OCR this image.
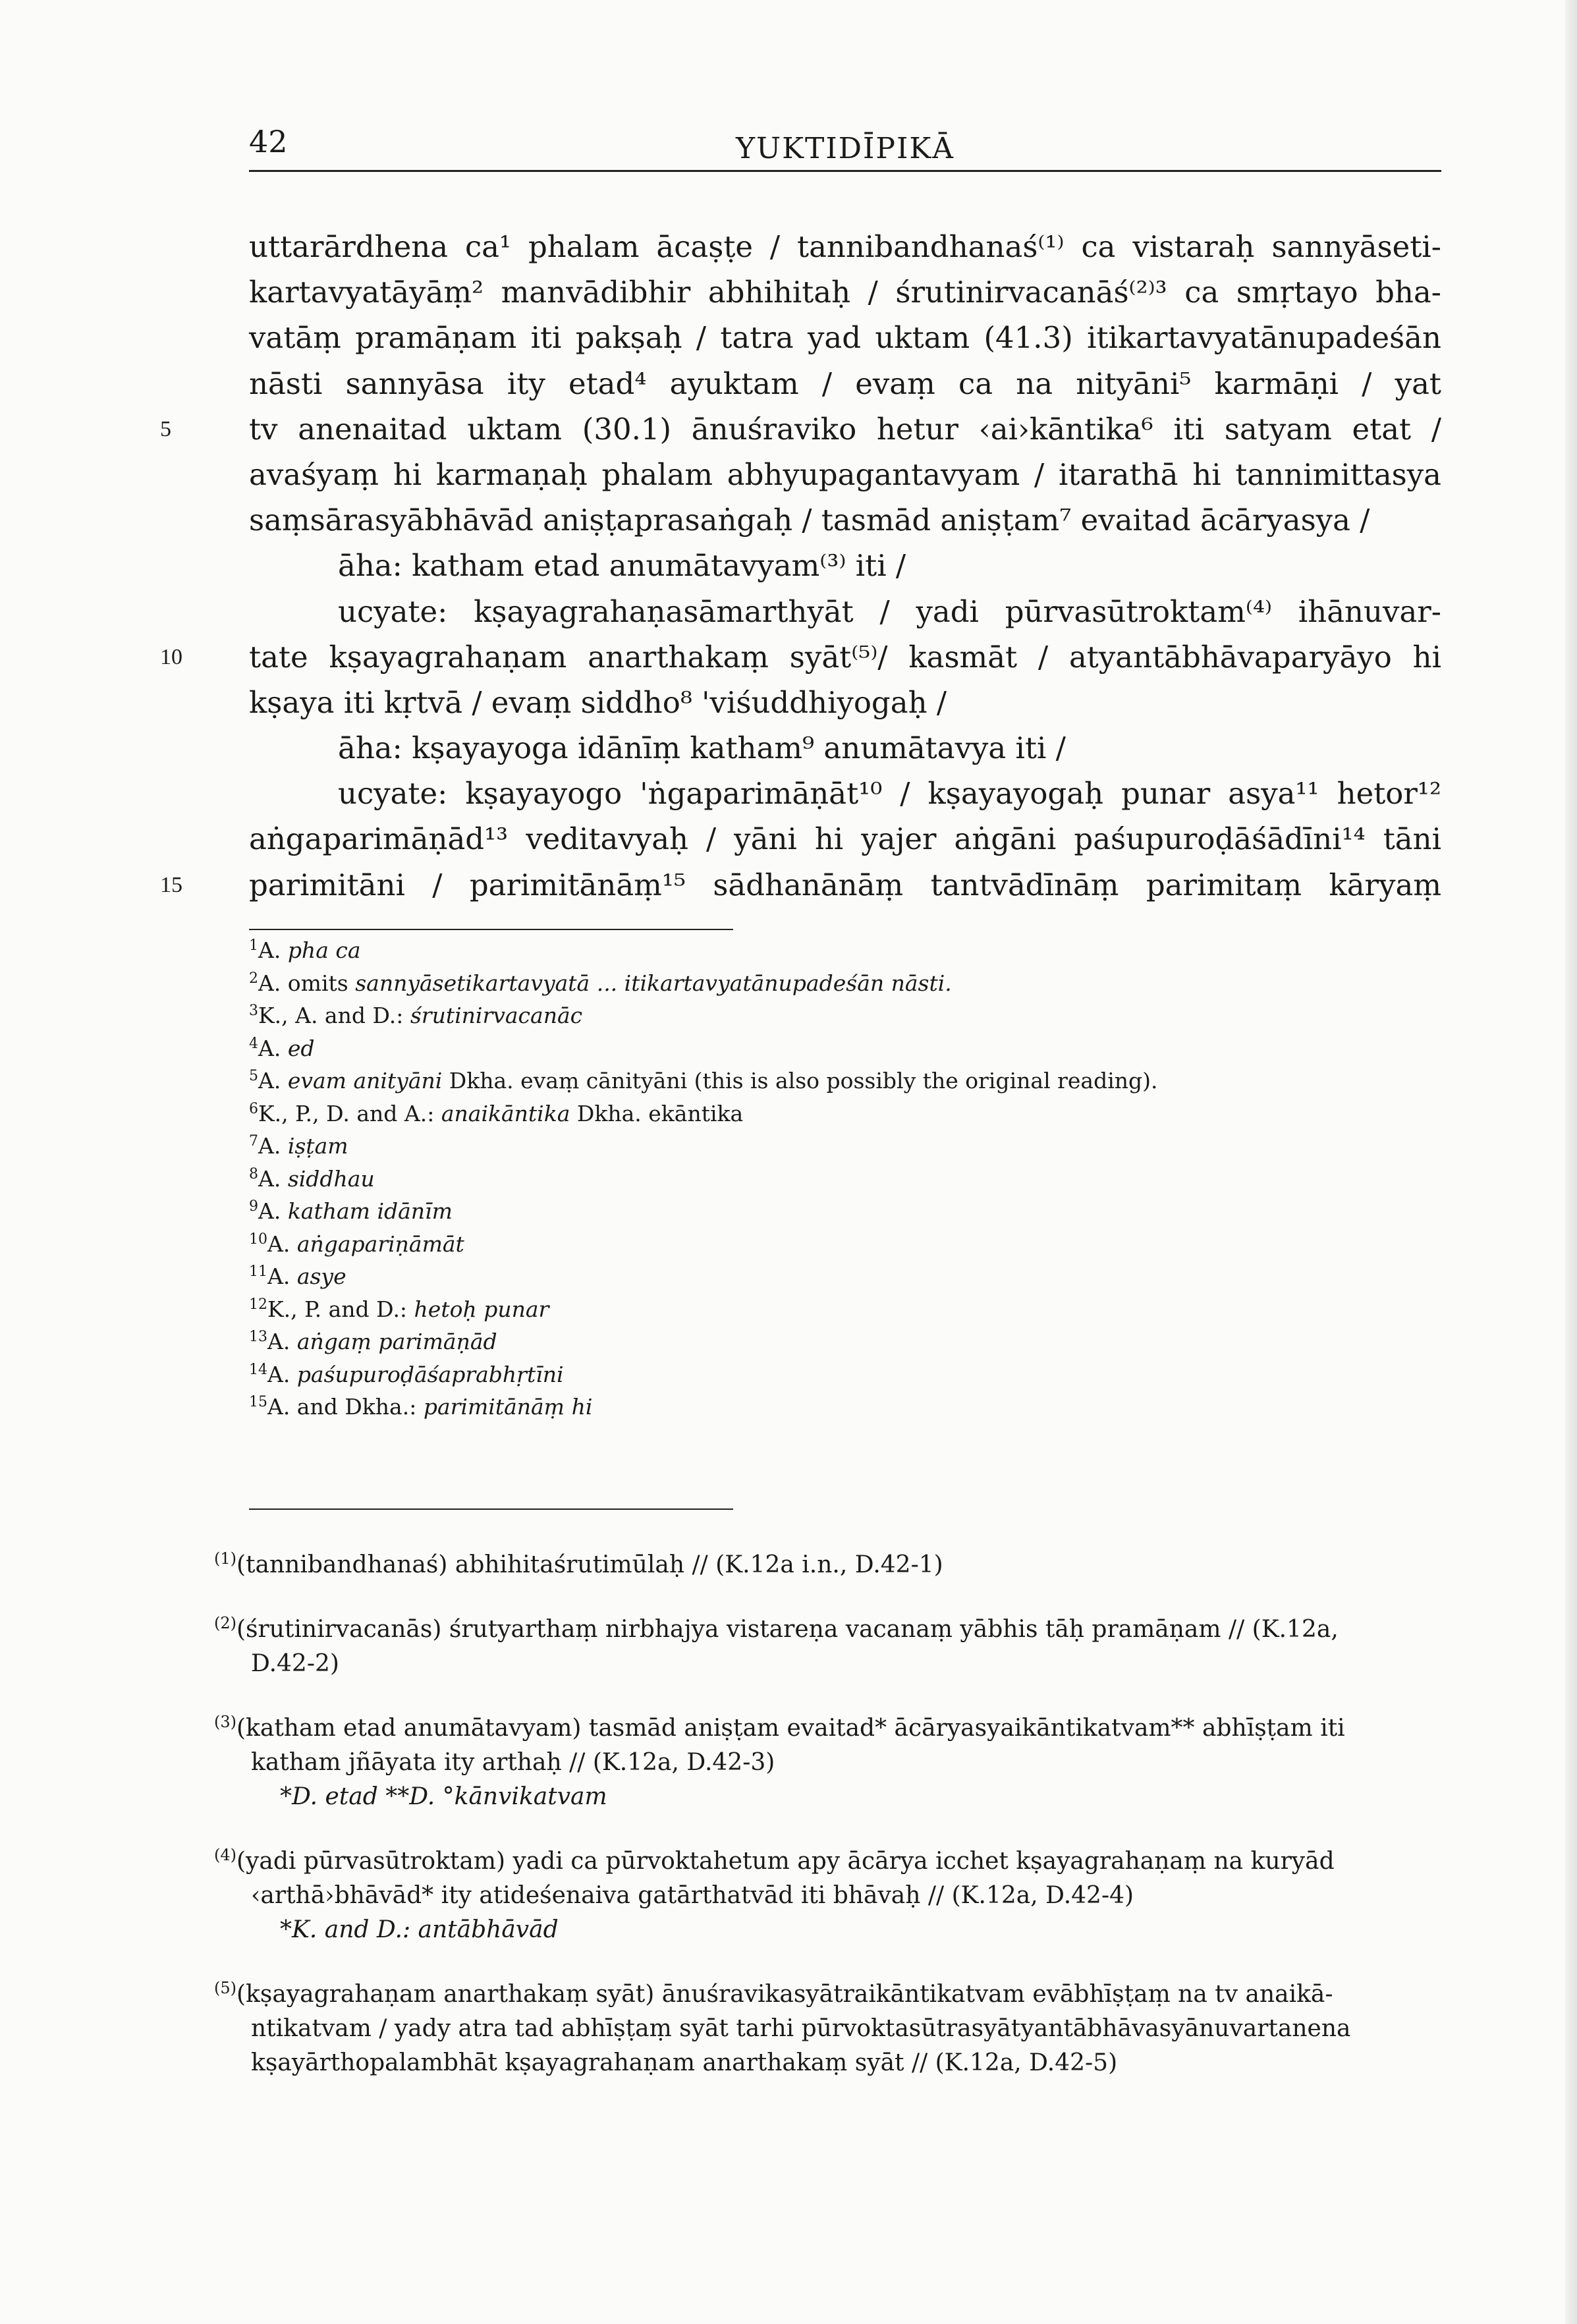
42	YUKTIDĪPIKĀ
uttarārdhena ca¹ phalam ācaṣṭe / tannibandhanaś⁽¹⁾ ca vistaraḥ sannyāseti-
kartavyatāyāṃ² manvādibhir abhihitaḥ / śrutinirvacanāś⁽²⁾³ ca smṛtayo bha-
vatāṃ pramāṇam iti pakṣaḥ / tatra yad uktam (41.3) itikartavyatānupadeśān
nāsti sannyāsa ity etad⁴ ayuktam / evaṃ ca na nityāni⁵ karmāṇi / yat
5	tv anenaitad uktam (30.1) ānuśraviko hetur ‹ai›kāntika⁶ iti satyam etat /
avaśyaṃ hi karmaṇaḥ phalam abhyupagantavyam / itarathā hi tannimittasya
saṃsārasyābhāvād aniṣṭaprasaṅgaḥ / tasmād aniṣṭam⁷ evaitad ācāryasya /
āha: katham etad anumātavyam⁽³⁾ iti /
ucyate: kṣayagrahaṇasāmarthyāt / yadi pūrvasūtroktam⁽⁴⁾ ihānuvar-
10	tate kṣayagrahaṇam anarthakaṃ syāt⁽⁵⁾/ kasmāt / atyantābhāvaparyāyo hi
kṣaya iti kṛtvā / evaṃ siddho⁸ 'viśuddhiyogaḥ /
āha: kṣayayoga idānīṃ katham⁹ anumātavya iti /
ucyate: kṣayayogo 'ṅgaparimāṇāt¹⁰ / kṣayayogaḥ punar asya¹¹ hetor¹²
aṅgaparimāṇād¹³ veditavyaḥ / yāni hi yajer aṅgāni paśupuroḍāśādīni¹⁴ tāni
15	parimitāni / parimitānāṃ¹⁵ sādhanānāṃ tantvādīnāṃ parimitaṃ kāryaṃ
$^1$A. pha ca
$^2$A. omits sannyāsetikartavyatā ... itikartavyatānupadeśān nāsti.
$^3$K., A. and D.: śrutinirvacanāc
$^4$A. ed
$^5$A. evam anityāni Dkha. evaṃ cānityāni (this is also possibly the original reading).
$^6$K., P., D. and A.: anaikāntika Dkha. ekāntika
$^7$A. iṣṭam
$^8$A. siddhau
$^9$A. katham idānīm
$^{10}$A. aṅgapariṇāmāt
$^{11}$A. asye
$^{12}$K., P. and D.: hetoḥ punar
$^{13}$A. aṅgaṃ parimāṇād
$^{14}$A. paśupuroḍāśaprabhṛtīni
$^{15}$A. and Dkha.: parimitānāṃ hi
$^{(1)}$(tannibandhanaś) abhihitaśrutimūlaḥ // (K.12a i.n., D.42-1)
$^{(2)}$(śrutinirvacanās) śrutyarthaṃ nirbhajya vistareṇa vacanaṃ yābhis tāḥ pramāṇam // (K.12a,
D.42-2)
$^{(3)}$(katham etad anumātavyam) tasmād aniṣṭam evaitad* ācāryasyaikāntikatvam** abhīṣṭam iti
katham jñāyata ity arthaḥ // (K.12a, D.42-3)
*D. etad **D. °kānvikatvam
$^{(4)}$(yadi pūrvasūtroktam) yadi ca pūrvoktahetum apy ācārya icchet kṣayagrahaṇaṃ na kuryād
‹arthā›bhāvād* ity atideśenaiva gatārthatvād iti bhāvaḥ // (K.12a, D.42-4)
*K. and D.: antābhāvād
$^{(5)}$(kṣayagrahaṇam anarthakaṃ syāt) ānuśravikasyātraikāntikatvam evābhīṣṭaṃ na tv anaikā-
ntikatvam / yady atra tad abhīṣṭaṃ syāt tarhi pūrvoktasūtrasyātyantābhāvasyānuvartanena
kṣayārthopalambhāt kṣayagrahaṇam anarthakaṃ syāt // (K.12a, D.42-5)
